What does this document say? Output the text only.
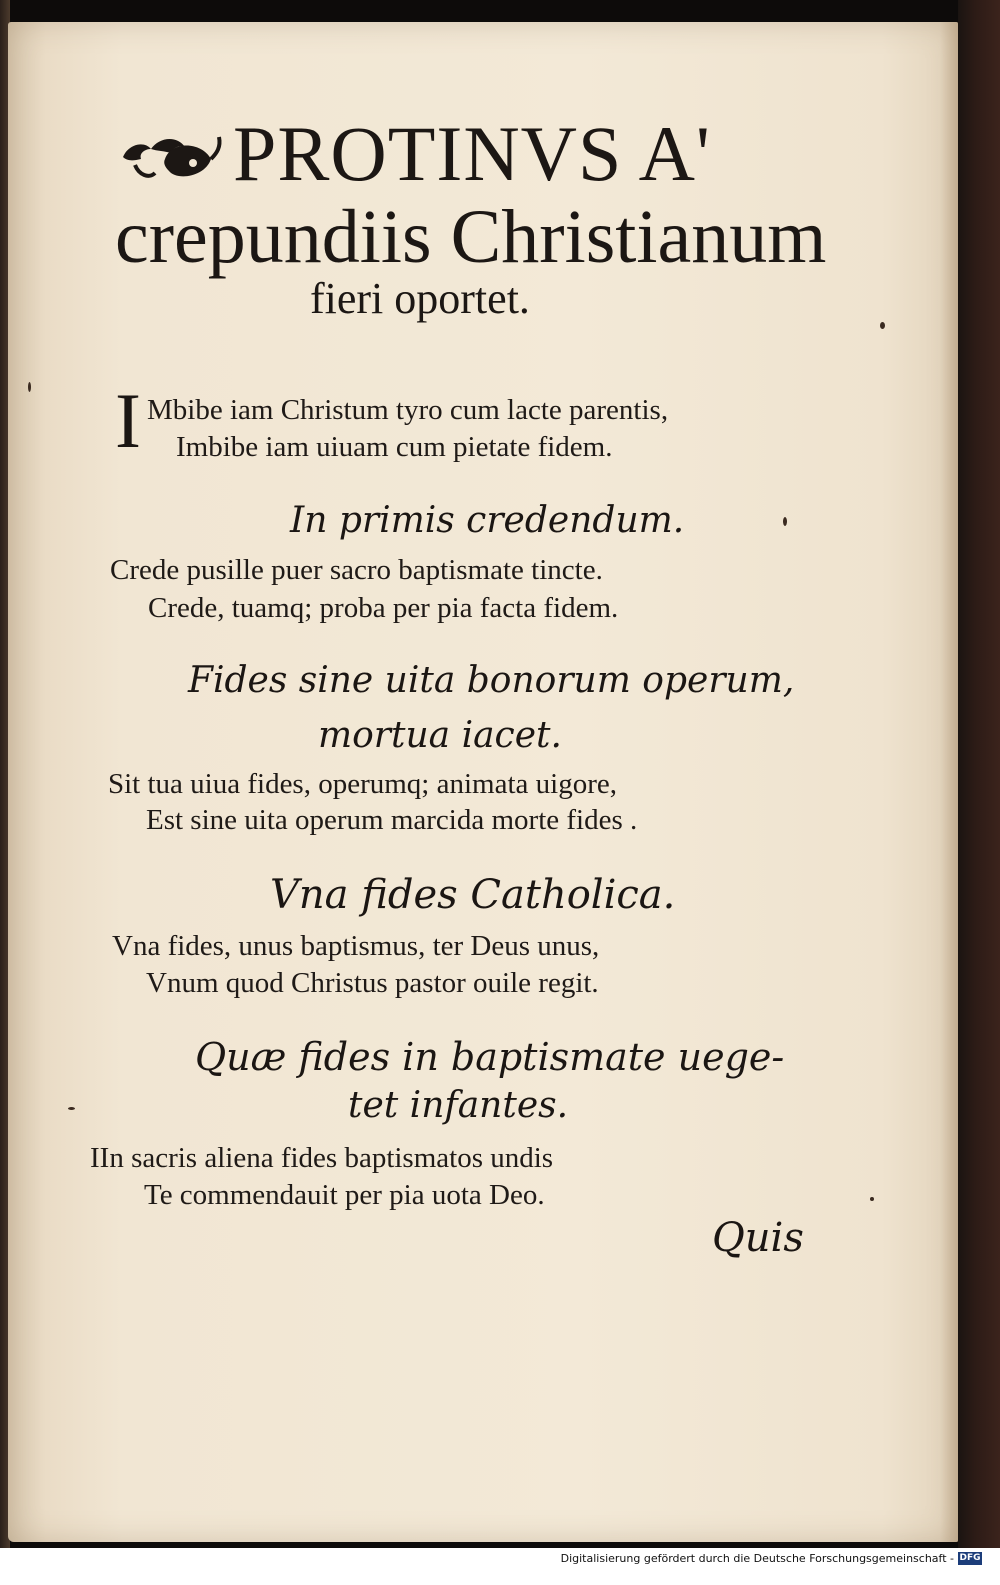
PROTINVS A'
crepundiis Christianum
fieri oportet.
I Mbibe iam Christum tyro cum lacte parentis,
Imbibe iam uiuam cum pietate fidem.
In primis credendum.
Crede pusille puer sacro baptismate tincte.
Crede, tuamq; proba per pia facta fidem.
Fides sine uita bonorum operum,
mortua iacet.
Sit tua uiua fides, operumq; animata uigore,
Est sine uita operum marcida morte fides .
Vna fides Catholica.
Vna fides, unus baptismus, ter Deus unus,
Vnum quod Christus pastor ouile regit.
Quæ fides in baptismate uege-
tet infantes.
IIn sacris aliena fides baptismatos undis
Te commendauit per pia uota Deo.
Quis
Digitalisierung gefördert durch die Deutsche Forschungsgemeinschaft - DFG
